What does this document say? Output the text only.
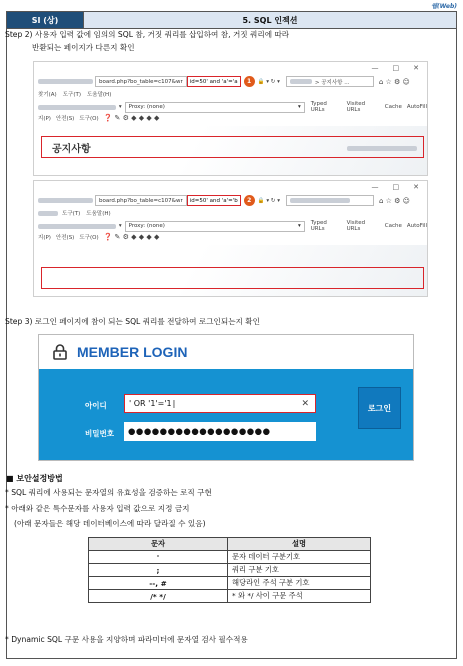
웹(Web)
SI (상)	5. SQL 인젝션
Step 2) 사용자 입력 값에 임의의 SQL 참, 거짓 쿼리를 삽입하여 참, 거짓 쿼리에 따라
반환되는 페이지가 다른지 확인
— □ ✕
board.php?bo_table=c107&wr	id=50' and 'a'='a	1	🔒 ▾ ↻ ▾	> 공지사항 ...	⌂ ☆ ⚙ ☺
찾기(A) 도구(T) 도움말(H)
▾ Proxy: (none)	▾ Typed URLs
Visited URLs	Cache AutoFill
지(P) 안전(S) 도구(O) ❓ ✎ ⚙ ◆ ◆ ◆ ◆
공지사항
— □ ✕
board.php?bo_table=c107&wr	id=50' and 'a'='b	2	🔒 ▾ ↻ ▾	⌂ ☆ ⚙ ☺
도구(T) 도움말(H)
▾ Proxy: (none)	▾ Typed URLs
Visited URLs	Cache AutoFill
지(P) 안전(S) 도구(O) ❓ ✎ ⚙ ◆ ◆ ◆ ◆
Step 3) 로그인 페이지에 참이 되는 SQL 쿼리를 전달하여 로그인되는지 확인
MEMBER LOGIN
아이디	' OR '1'='1 |	✕
비밀번호	●●●●●●●●●●●●●●●●●●
로그인
■ 보안설정방법
* SQL 쿼리에 사용되는 문자열의 유효성을 검증하는 로직 구현
* 아래와 같은 특수문자를 사용자 입력 값으로 지정 금지
(아래 문자들은 해당 데이터베이스에 따라 달라질 수 있음)
문자	설명
'	문자 데이터 구분기호
;	쿼리 구분 기호
--, #	해당라인 주석 구분 기호
/* */	* 와 */ 사이 구문 주석
* Dynamic SQL 구문 사용을 지양하며 파라미터에 문자열 검사 필수적용
